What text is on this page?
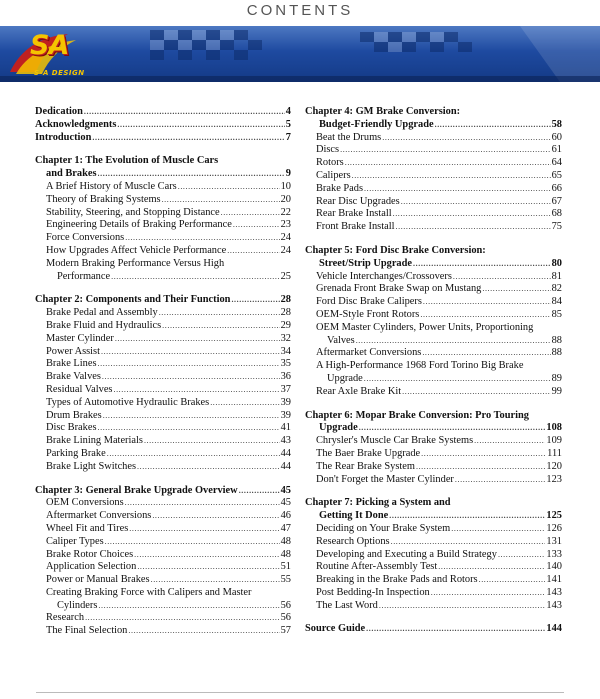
CONTENTS
SA
S-A DESIGN
Dedication .....	4
Acknowledgments .....	5
Introduction .....	7
Chapter 1: The Evolution of Muscle Cars
and Brakes .....	9
A Brief History of Muscle Cars .....	10
Theory of Braking Systems .....	20
Stability, Steering, and Stopping Distance .....	22
Engineering Details of Braking Performance .....	23
Force Conversions .....	24
How Upgrades Affect Vehicle Performance .....	24
Modern Braking Performance Versus High
Performance .....	25
Chapter 2: Components and Their Function .....	28
Brake Pedal and Assembly .....	28
Brake Fluid and Hydraulics .....	29
Master Cylinder .....	32
Power Assist .....	34
Brake Lines .....	35
Brake Valves .....	36
Residual Valves .....	37
Types of Automotive Hydraulic Brakes .....	39
Drum Brakes .....	39
Disc Brakes .....	41
Brake Lining Materials .....	43
Parking Brake .....	44
Brake Light Switches .....	44
Chapter 3: General Brake Upgrade Overview .....	45
OEM Conversions .....	45
Aftermarket Conversions .....	46
Wheel Fit and Tires .....	47
Caliper Types .....	48
Brake Rotor Choices .....	48
Application Selection .....	51
Power or Manual Brakes .....	55
Creating Braking Force with Calipers and Master
Cylinders .....	56
Research .....	56
The Final Selection .....	57
Chapter 4: GM Brake Conversion:
Budget-Friendly Upgrade .....	58
Beat the Drums .....	60
Discs .....	61
Rotors .....	64
Calipers .....	65
Brake Pads .....	66
Rear Disc Upgrades .....	67
Rear Brake Install .....	68
Front Brake Install .....	75
Chapter 5: Ford Disc Brake Conversion:
Street/Strip Upgrade .....	80
Vehicle Interchanges/Crossovers .....	81
Grenada Front Brake Swap on Mustang .....	82
Ford Disc Brake Calipers .....	84
OEM-Style Front Rotors .....	85
OEM Master Cylinders, Power Units, Proportioning
Valves .....	88
Aftermarket Conversions .....	88
A High-Performance 1968 Ford Torino Big Brake
Upgrade .....	89
Rear Axle Brake Kit .....	99
Chapter 6: Mopar Brake Conversion: Pro Touring
Upgrade .....	108
Chrysler's Muscle Car Brake Systems .....	109
The Baer Brake Upgrade .....	111
The Rear Brake System .....	120
Don't Forget the Master Cylinder .....	123
Chapter 7: Picking a System and
Getting It Done .....	125
Deciding on Your Brake System .....	126
Research Options .....	131
Developing and Executing a Build Strategy .....	133
Routine After-Assembly Test .....	140
Breaking in the Brake Pads and Rotors .....	141
Post Bedding-In Inspection .....	143
The Last Word .....	143
Source Guide .....	144
